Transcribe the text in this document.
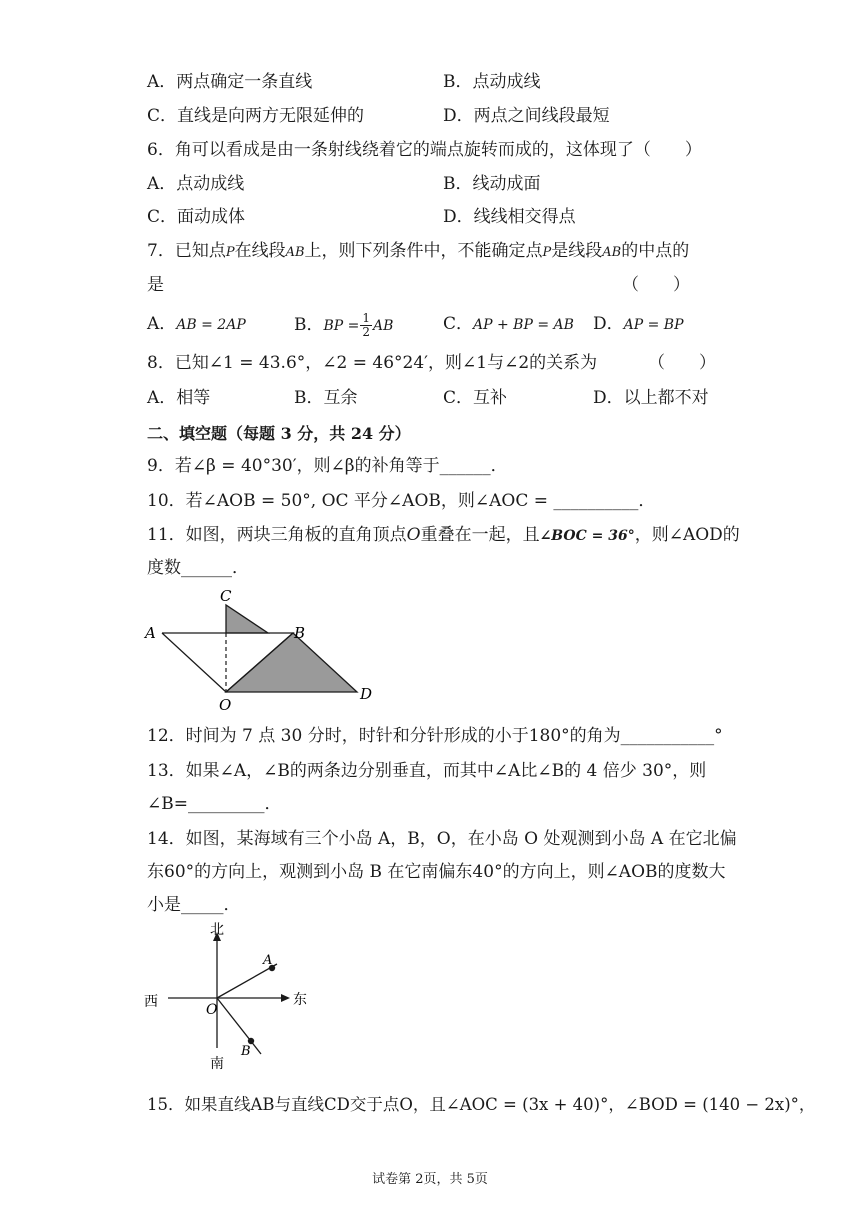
A．两点确定一条直线	B．点动成线
C．直线是向两方无限延伸的	D．两点之间线段最短
6．角可以看成是由一条射线绕着它的端点旋转而成的，这体现了（　　）
A．点动成线	B．线动成面
C．面动成体	D．线线相交得点
7．已知点P在线段AB上，则下列条件中，不能确定点P是线段AB的中点的
是	（　　）
A．AB = 2AP	B．BP = $\frac{1}{2}$ AB	C．AP + BP = AB D．AP = BP
8．已知∠1 = 43.6°，∠2 = 46°24′，则∠1与∠2的关系为	（　　）
A．相等	B．互余	C．互补	D．以上都不对
二、填空题（每题 3 分，共 24 分）
9．若∠β = 40°30′，则∠β的补角等于______．
10．若∠AOB = 50°, OC 平分∠AOB，则∠AOC = __________．
11．如图，两块三角板的直角顶点O重叠在一起，且∠BOC = 36°，则∠AOD的
度数______．
C
A	B
D
O
12．时间为 7 点 30 分时，时针和分针形成的小于180°的角为___________°
13．如果∠A，∠B的两条边分别垂直，而其中∠A比∠B的 4 倍少 30°，则
∠B=_________．
14．如图，某海域有三个小岛 A，B，O，在小岛 O 处观测到小岛 A 在它北偏
东60°的方向上，观测到小岛 B 在它南偏东40°的方向上，则∠AOB的度数大
小是_____．
北
南
东
西	O
A
B
15．如果直线AB与直线CD交于点O，且∠AOC = (3x + 40)°，∠BOD = (140 − 2x)°，
试卷第 2页，共 5页
